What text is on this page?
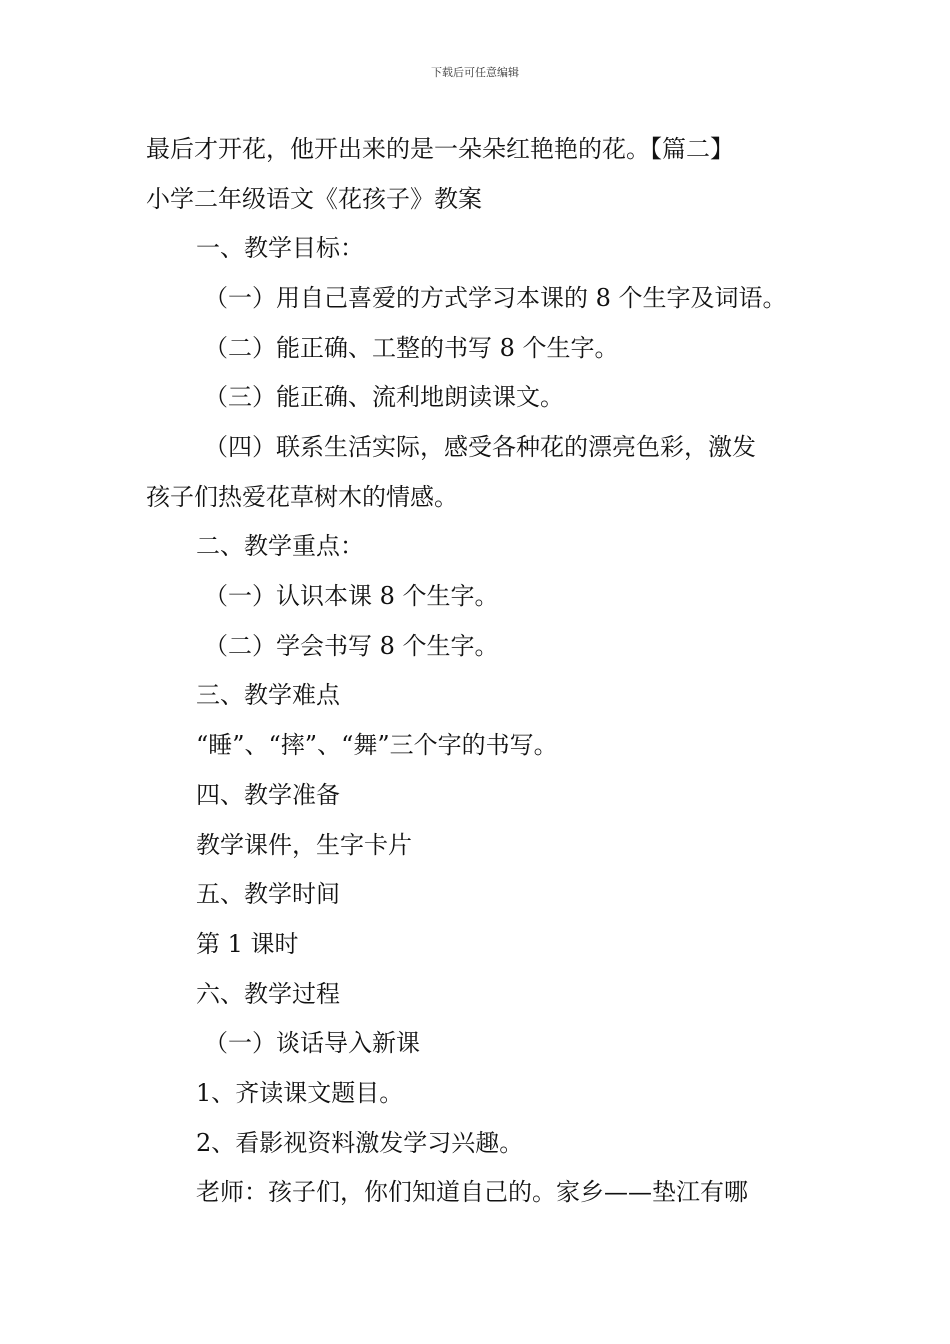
下载后可任意编辑
最后才开花，他开出来的是一朵朵红艳艳的花。【篇二】
小学二年级语文《花孩子》教案
一、教学目标：
（一）用自己喜爱的方式学习本课的 8 个生字及词语。
（二）能正确、工整的书写 8 个生字。
（三）能正确、流利地朗读课文。
（四）联系生活实际，感受各种花的漂亮色彩，激发
孩子们热爱花草树木的情感。
二、教学重点：
（一）认识本课 8 个生字。
（二）学会书写 8 个生字。
三、教学难点
“睡”、“摔”、“舞”三个字的书写。
四、教学准备
教学课件，生字卡片
五、教学时间
第 1 课时
六、教学过程
（一）谈话导入新课
1、齐读课文题目。
2、看影视资料激发学习兴趣。
老师：孩子们，你们知道自己的。家乡——垫江有哪
